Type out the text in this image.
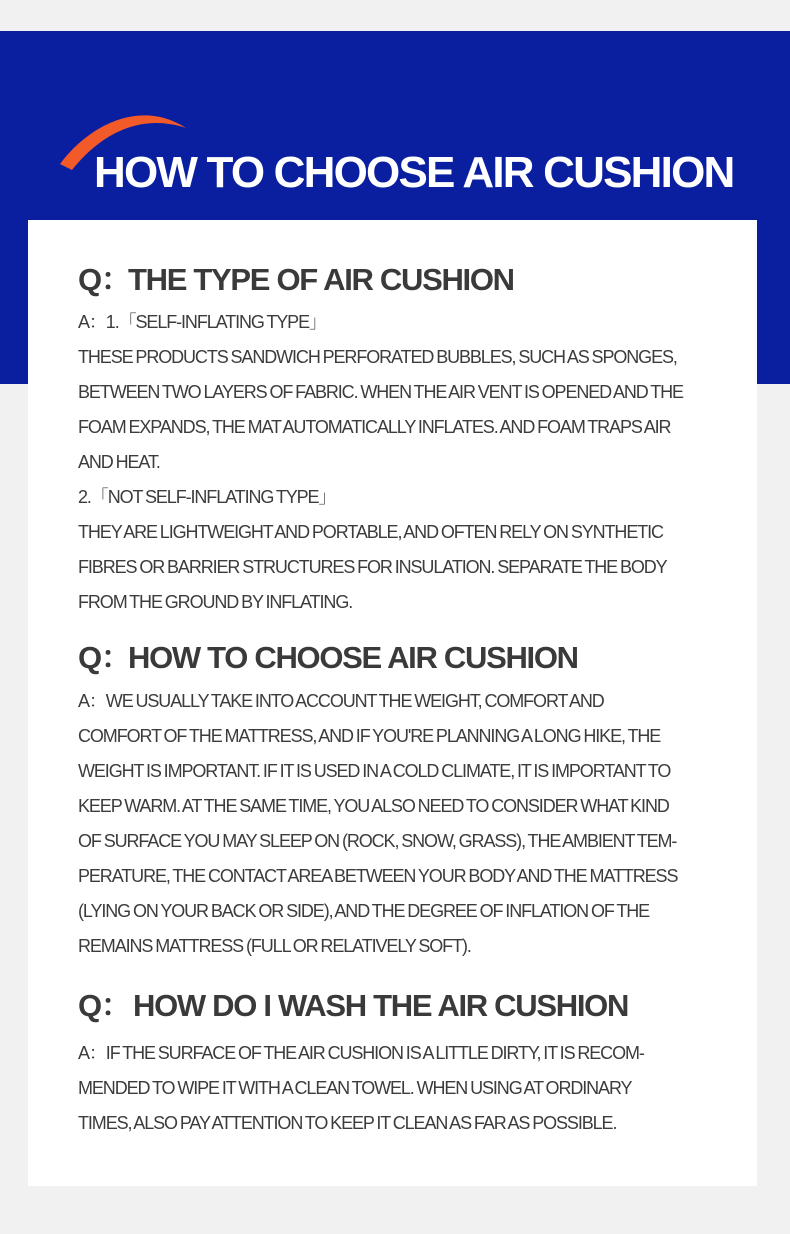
HOW TO CHOOSE AIR CUSHION
Q：THE TYPE OF AIR CUSHION

A：1.「SELF-INFLATING TYPE」

THESE PRODUCTS SANDWICH PERFORATED BUBBLES, SUCH AS SPONGES,

BETWEEN TWO LAYERS OF FABRIC. WHEN THE AIR VENT IS OPENED AND THE

FOAM EXPANDS, THE MAT AUTOMATICALLY INFLATES. AND FOAM TRAPS AIR

AND HEAT.

2.「NOT SELF-INFLATING TYPE」

THEY ARE LIGHTWEIGHT AND PORTABLE, AND OFTEN RELY ON SYNTHETIC

FIBRES OR BARRIER STRUCTURES FOR INSULATION. SEPARATE THE BODY

FROM THE GROUND BY INFLATING.

Q：HOW TO CHOOSE AIR CUSHION

A：WE USUALLY TAKE INTO ACCOUNT THE WEIGHT, COMFORT AND

COMFORT OF THE MATTRESS, AND IF YOU'RE PLANNING A LONG HIKE, THE

WEIGHT IS IMPORTANT. IF IT IS USED IN A COLD CLIMATE, IT IS IMPORTANT TO

KEEP WARM. AT THE SAME TIME, YOU ALSO NEED TO CONSIDER WHAT KIND

OF SURFACE YOU MAY SLEEP ON (ROCK, SNOW, GRASS), THE AMBIENT TEM-

PERATURE, THE CONTACT AREA BETWEEN YOUR BODY AND THE MATTRESS

(LYING ON YOUR BACK OR SIDE), AND THE DEGREE OF INFLATION OF THE

REMAINS MATTRESS (FULL OR RELATIVELY SOFT).

Q：HOW DO I WASH THE AIR CUSHION

A：IF THE SURFACE OF THE AIR CUSHION IS A LITTLE DIRTY, IT IS RECOM-

MENDED TO WIPE IT WITH A CLEAN TOWEL. WHEN USING AT ORDINARY

TIMES, ALSO PAY ATTENTION TO KEEP IT CLEAN AS FAR AS POSSIBLE.
